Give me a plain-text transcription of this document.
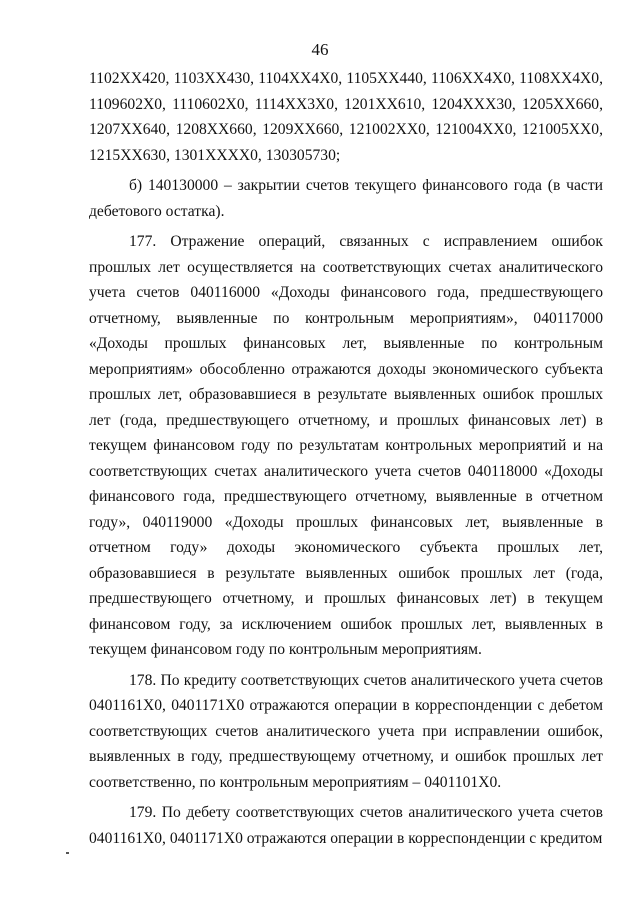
46

1102ХХ420, 1103ХХ430, 1104ХХ4Х0, 1105ХХ440, 1106ХХ4Х0, 1108ХХ4Х0, 1109602Х0, 1110602Х0, 1114ХХ3Х0, 1201ХХ610, 1204ХХХ30, 1205ХХ660, 1207ХХ640, 1208ХХ660, 1209ХХ660, 121002ХХ0, 121004ХХ0, 121005ХХ0, 1215ХХ630, 1301ХХХХ0, 130305730;

б) 140130000 – закрытии счетов текущего финансового года (в части дебетового остатка).

177. Отражение операций, связанных с исправлением ошибок прошлых лет осуществляется на соответствующих счетах аналитического учета счетов 040116000 «Доходы финансового года, предшествующего отчетному, выявленные по контрольным мероприятиям», 040117000 «Доходы прошлых финансовых лет, выявленные по контрольным мероприятиям» обособленно отражаются доходы экономического субъекта прошлых лет, образовавшиеся в результате выявленных ошибок прошлых лет (года, предшествующего отчетному, и прошлых финансовых лет) в текущем финансовом году по результатам контрольных мероприятий и на соответствующих счетах аналитического учета счетов 040118000 «Доходы финансового года, предшествующего отчетному, выявленные в отчетном году», 040119000 «Доходы прошлых финансовых лет, выявленные в отчетном году» доходы экономического субъекта прошлых лет, образовавшиеся в результате выявленных ошибок прошлых лет (года, предшествующего отчетному, и прошлых финансовых лет) в текущем финансовом году, за исключением ошибок прошлых лет, выявленных в текущем финансовом году по контрольным мероприятиям.

178. По кредиту соответствующих счетов аналитического учета счетов 0401161Х0, 0401171Х0 отражаются операции в корреспонденции с дебетом соответствующих счетов аналитического учета при исправлении ошибок, выявленных в году, предшествующему отчетному, и ошибок прошлых лет соответственно, по контрольным мероприятиям – 0401101Х0.

179. По дебету соответствующих счетов аналитического учета счетов 0401161Х0, 0401171Х0 отражаются операции в корреспонденции с кредитом
